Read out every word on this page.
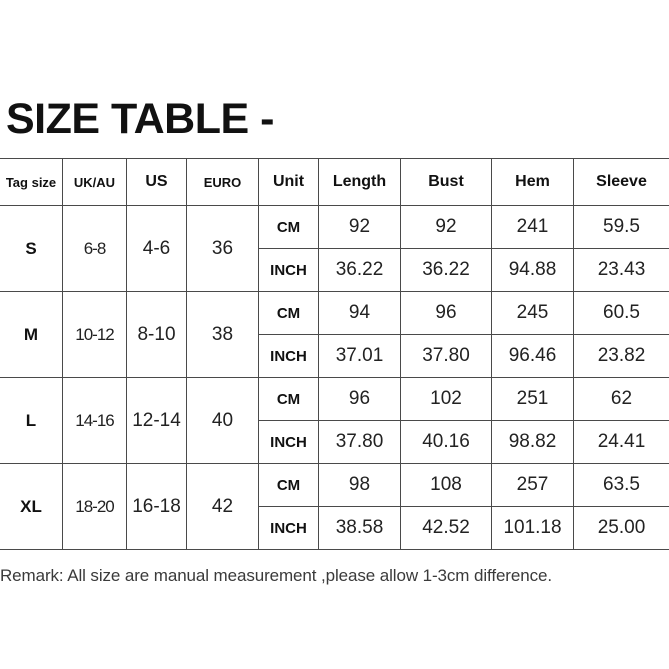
SIZE TABLE -
Tag size	UK/AU	US	EURO	Unit	Length	Bust	Hem	Sleeve
S	6-8	4-6	36	CM	92	92	241	59.5
				INCH	36.22	36.22	94.88	23.43
M	10-12	8-10	38	CM	94	96	245	60.5
				INCH	37.01	37.80	96.46	23.82
L	14-16	12-14	40	CM	96	102	251	62
				INCH	37.80	40.16	98.82	24.41
XL	18-20	16-18	42	CM	98	108	257	63.5
				INCH	38.58	42.52	101.18	25.00
Remark: All size are manual measurement ,please allow 1-3cm difference.
